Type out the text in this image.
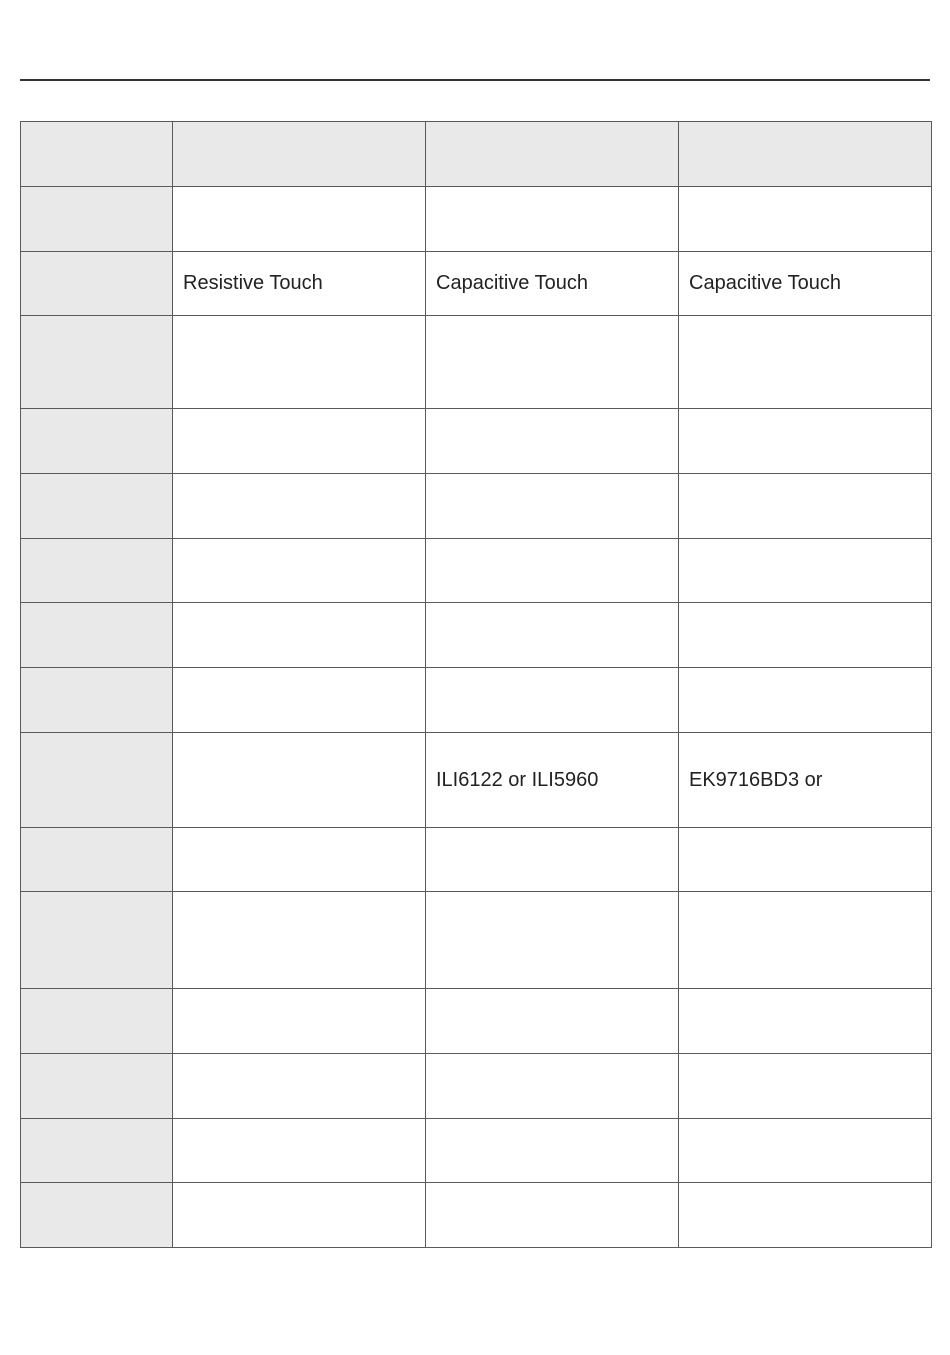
	Resistive Touch	Capacitive Touch	Capacitive Touch

		ILI6122 or ILI5960	EK9716BD3 or
